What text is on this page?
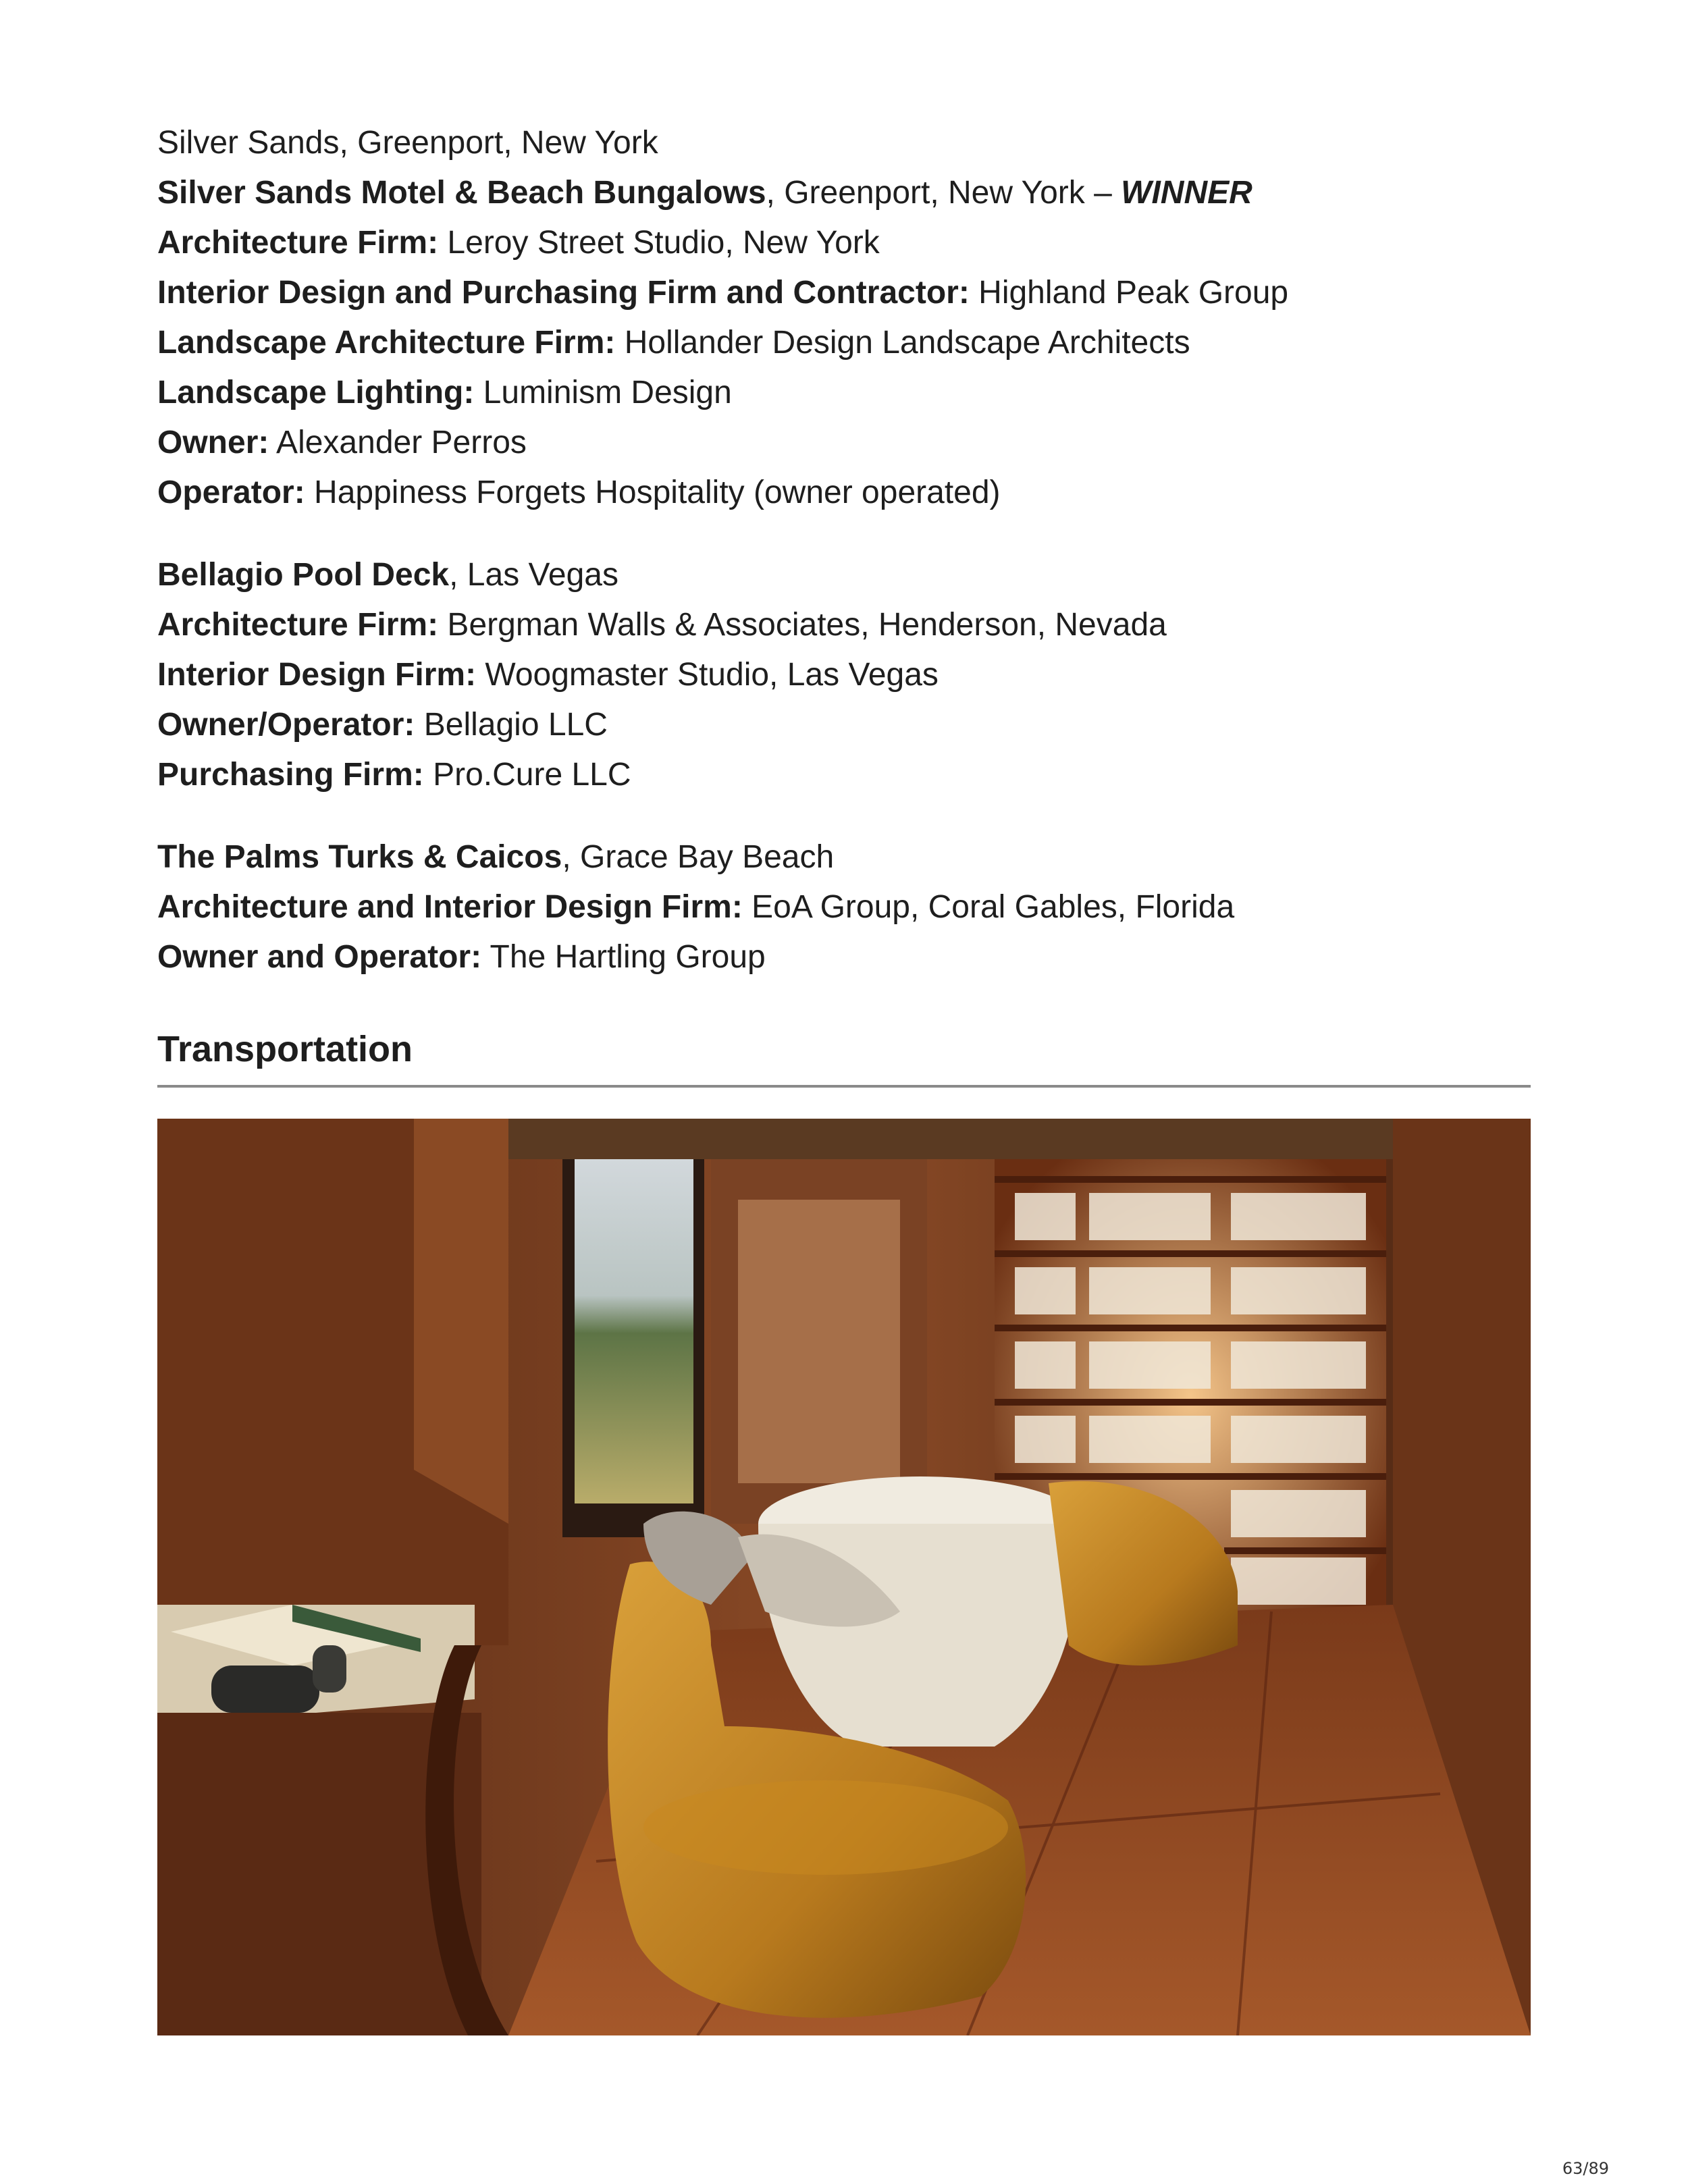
Silver Sands, Greenport, New York
Silver Sands Motel & Beach Bungalows, Greenport, New York – WINNER
Architecture Firm: Leroy Street Studio, New York
Interior Design and Purchasing Firm and Contractor: Highland Peak Group
Landscape Architecture Firm: Hollander Design Landscape Architects
Landscape Lighting: Luminism Design
Owner: Alexander Perros
Operator: Happiness Forgets Hospitality (owner operated)
Bellagio Pool Deck, Las Vegas
Architecture Firm: Bergman Walls & Associates, Henderson, Nevada
Interior Design Firm: Woogmaster Studio, Las Vegas
Owner/Operator: Bellagio LLC
Purchasing Firm: Pro.Cure LLC
The Palms Turks & Caicos, Grace Bay Beach
Architecture and Interior Design Firm: EoA Group, Coral Gables, Florida
Owner and Operator: The Hartling Group
Transportation
63/89
